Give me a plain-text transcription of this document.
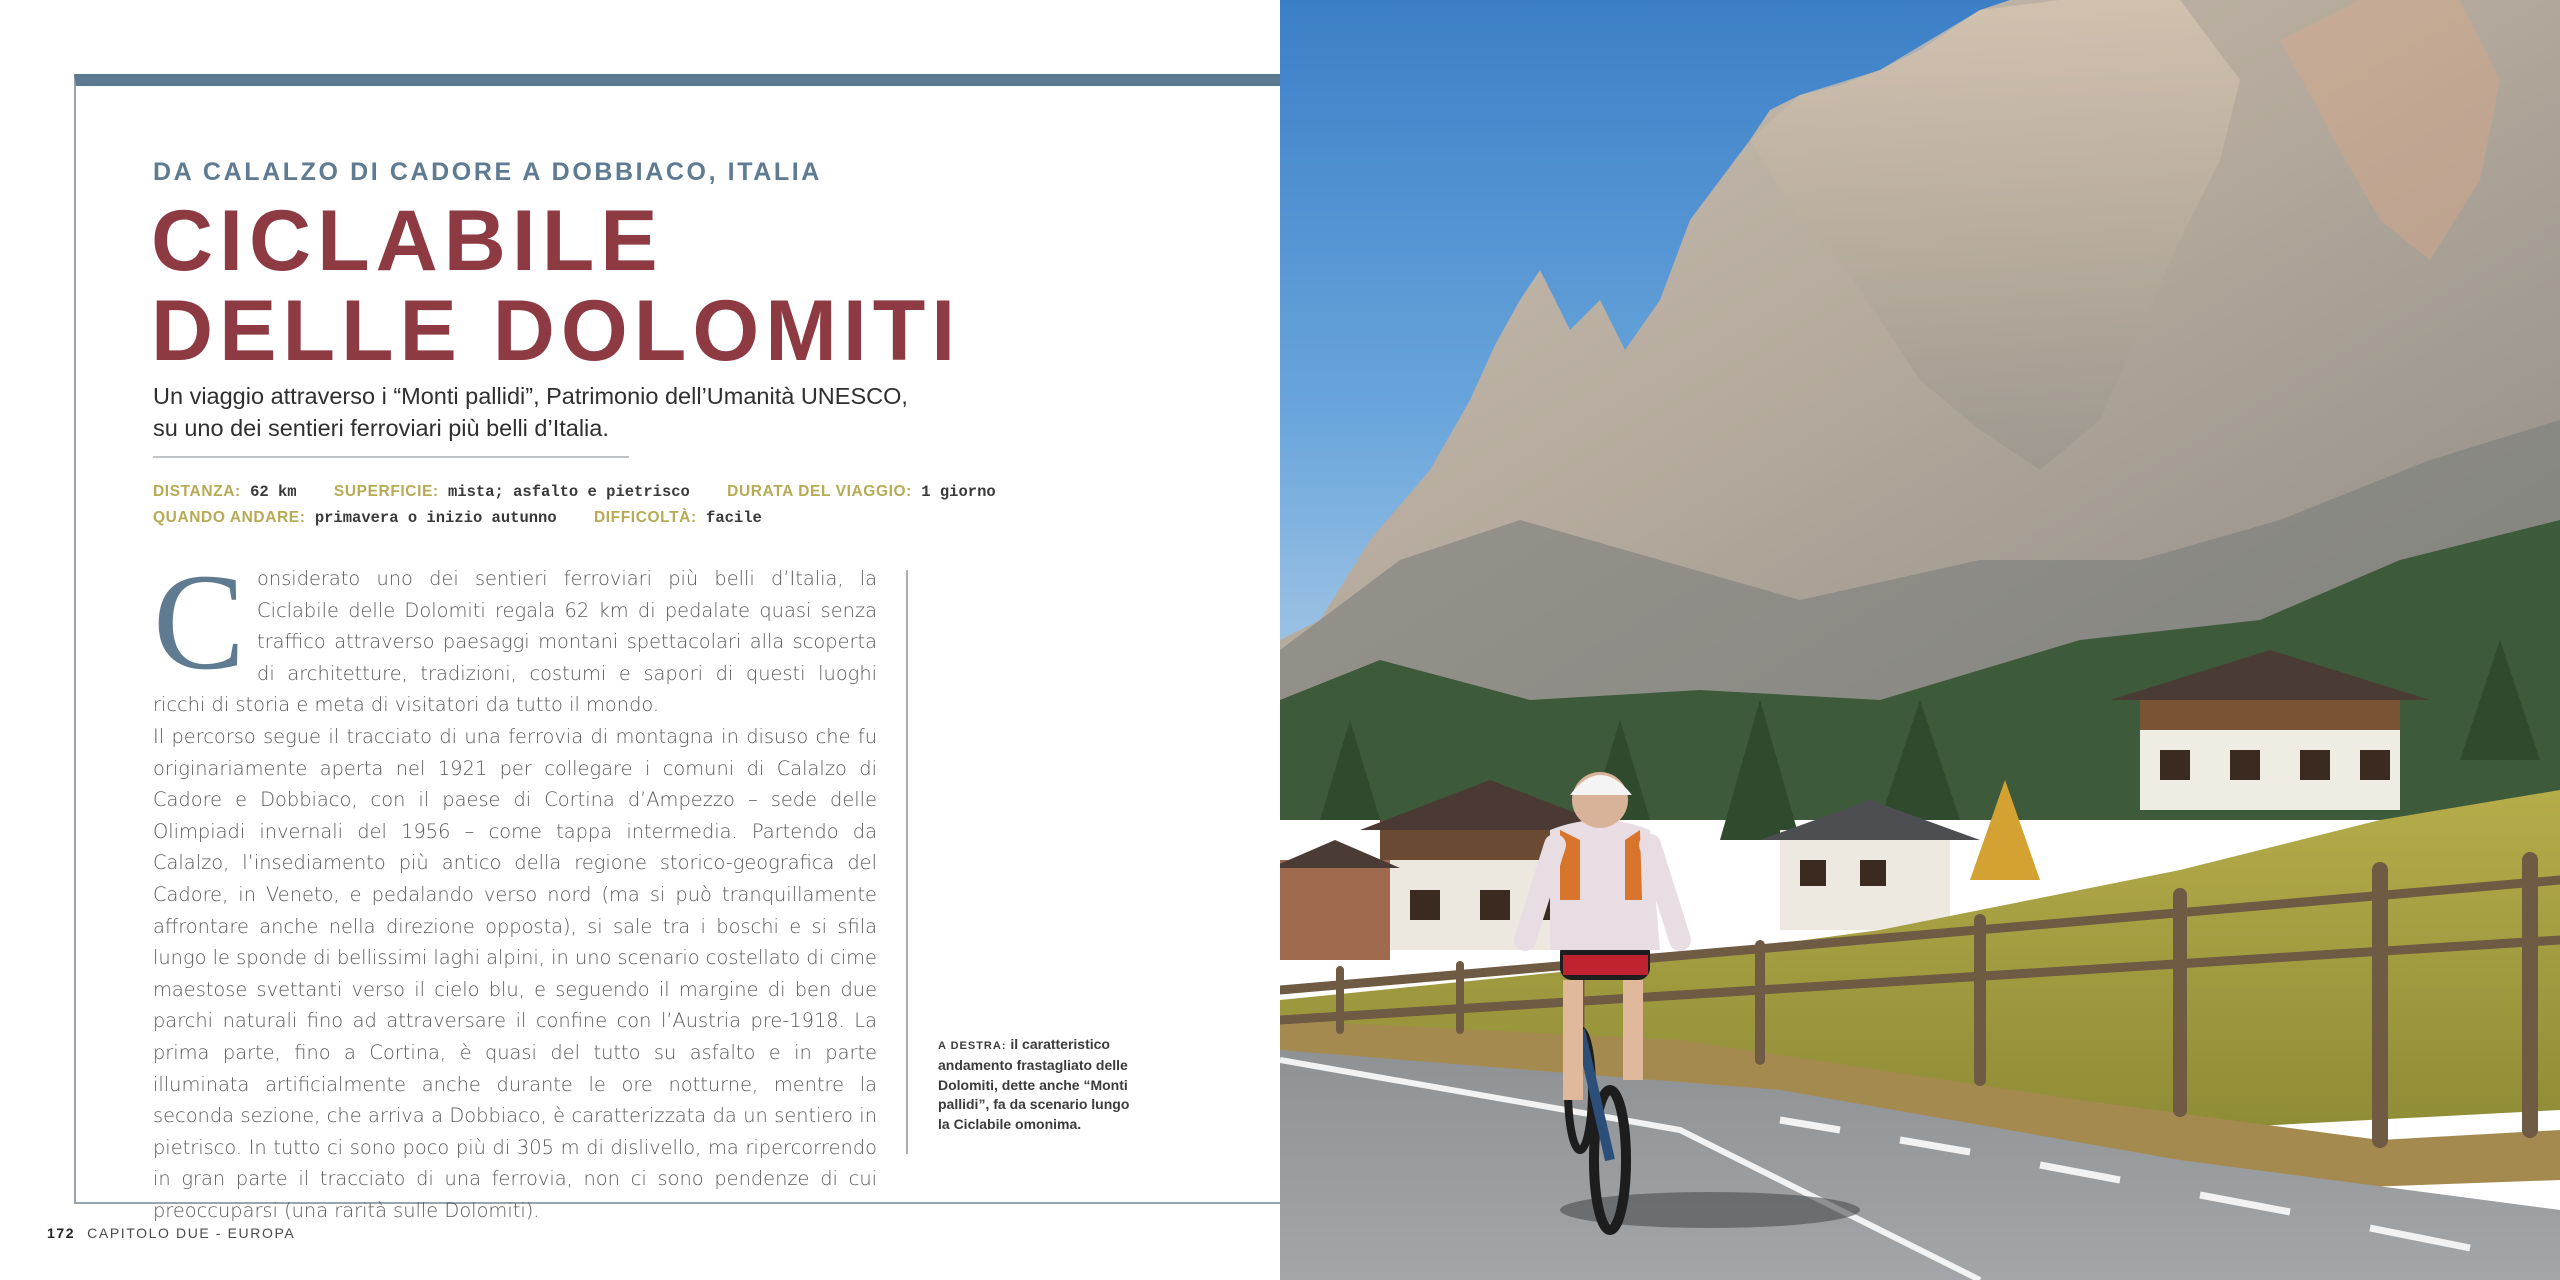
DA CALALZO DI CADORE A DOBBIACO, ITALIA
CICLABILE
DELLE DOLOMITI
Un viaggio attraverso i “Monti pallidi”, Patrimonio dell’Umanità UNESCO,
su uno dei sentieri ferroviari più belli d’Italia.
DISTANZA: 62 km SUPERFICIE: mista; asfalto e pietrisco DURATA DEL VIAGGIO: 1 giorno
QUANDO ANDARE: primavera o inizio autunno DIFFICOLTÀ: facile

Considerato uno dei sentieri ferroviari più belli d’Italia, la Ciclabile delle Dolomiti regala 62 km di pedalate quasi senza traffico attraverso paesaggi montani spettacolari alla scoperta di architetture, tradizioni, costumi e sapori di questi luoghi ricchi di storia e meta di visitatori da tutto il mondo.

Il percorso segue il tracciato di una ferrovia di montagna in disuso che fu originariamente aperta nel 1921 per collegare i comuni di Calalzo di Cadore e Dobbiaco, con il paese di Cortina d’Ampezzo – sede delle Olimpiadi invernali del 1956 – come tappa intermedia. Partendo da Calalzo, l’insediamento più antico della regione storico-geografica del Cadore, in Veneto, e pedalando verso nord (ma si può tranquillamente affrontare anche nella direzione opposta), si sale tra i boschi e si sfila lungo le sponde di bellissimi laghi alpini, in uno scenario costellato di cime maestose svettanti verso il cielo blu, e seguendo il margine di ben due parchi naturali fino ad attraversare il confine con l’Austria pre-1918. La prima parte, fino a Cortina, è quasi del tutto su asfalto e in parte illuminata artificialmente anche durante le ore notturne, mentre la seconda sezione, che arriva a Dobbiaco, è caratterizzata da un sentiero in pietrisco. In tutto ci sono poco più di 305 m di dislivello, ma ripercorrendo in gran parte il tracciato di una ferrovia, non ci sono pendenze di cui preoccuparsi (una rarità sulle Dolomiti).

A DESTRA: il caratteristico andamento frastagliato delle Dolomiti, dette anche “Monti pallidi”, fa da scenario lungo la Ciclabile omonima.
172 CAPITOLO DUE - EUROPA
